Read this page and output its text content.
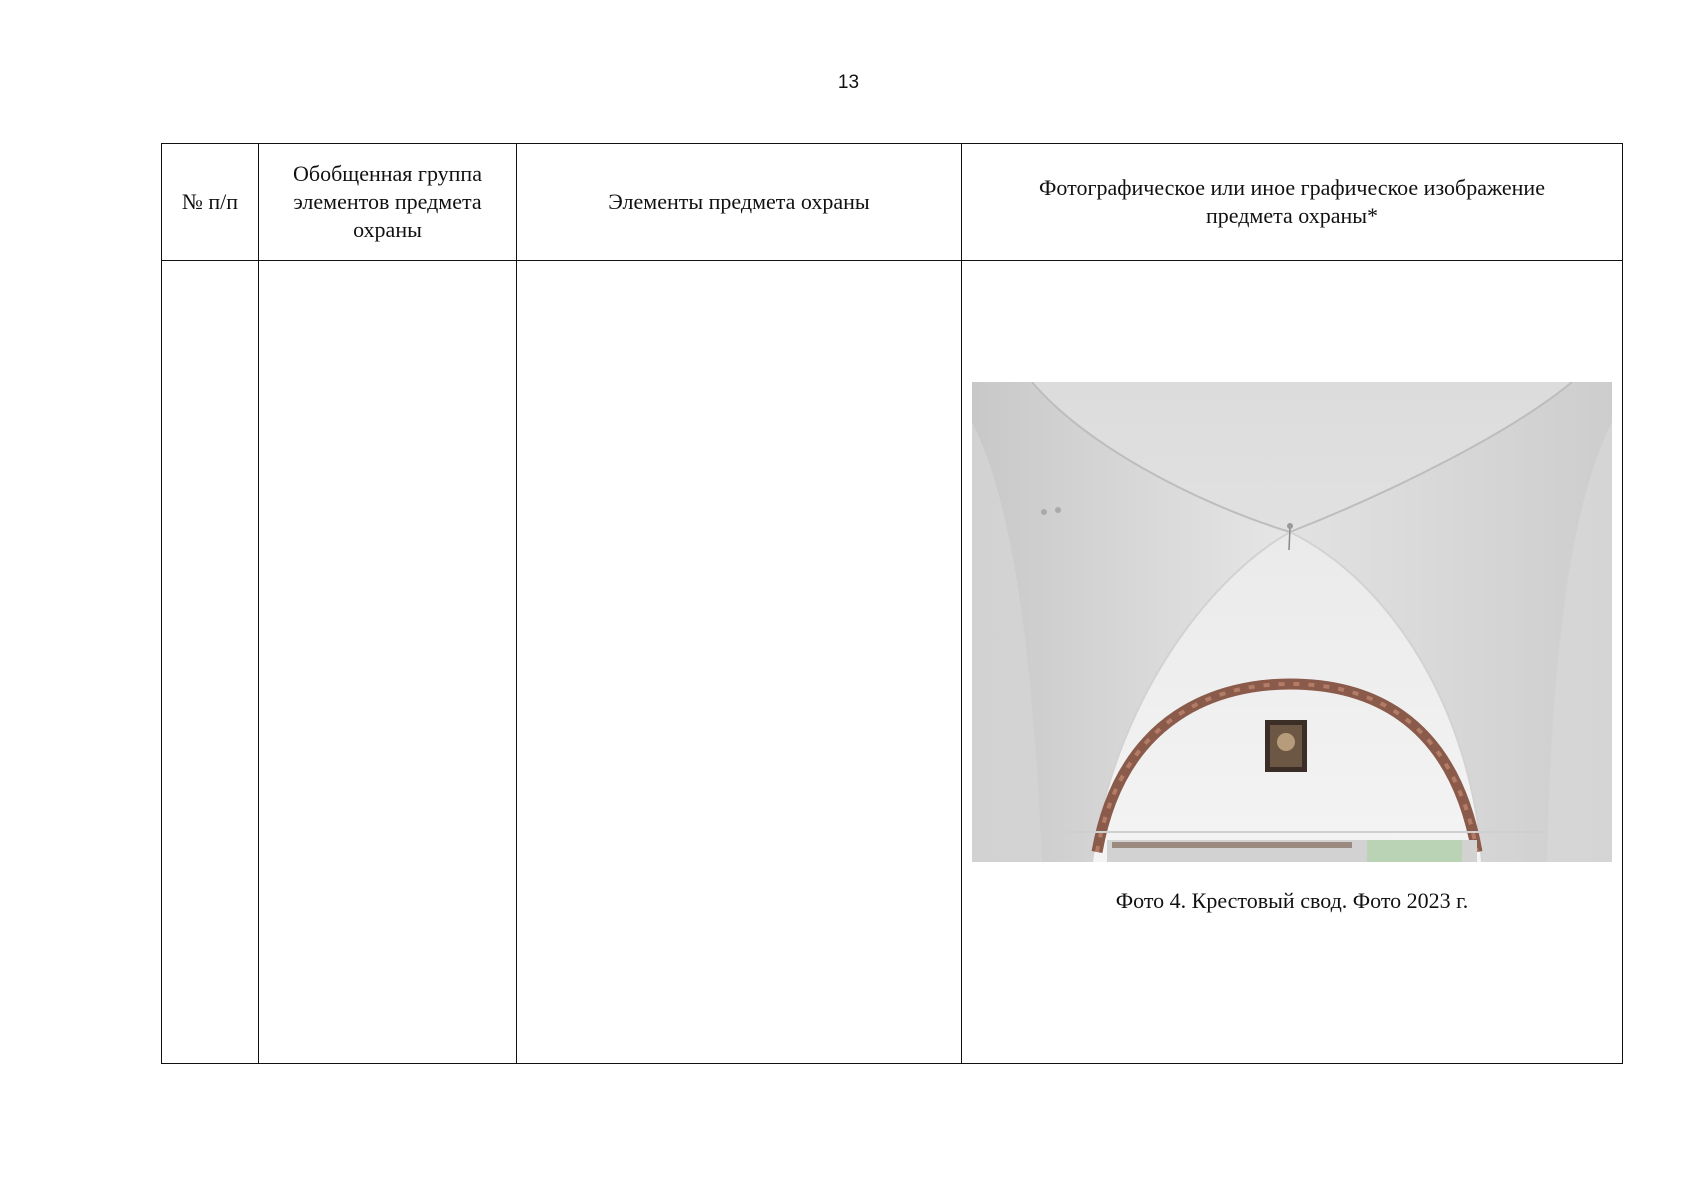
13
№ п/п	Обобщенная группа элементов предмета охраны	Элементы предмета охраны	Фотографическое или иное графическое изображение предмета охраны*

			Фото 4. Крестовый свод. Фото 2023 г.
